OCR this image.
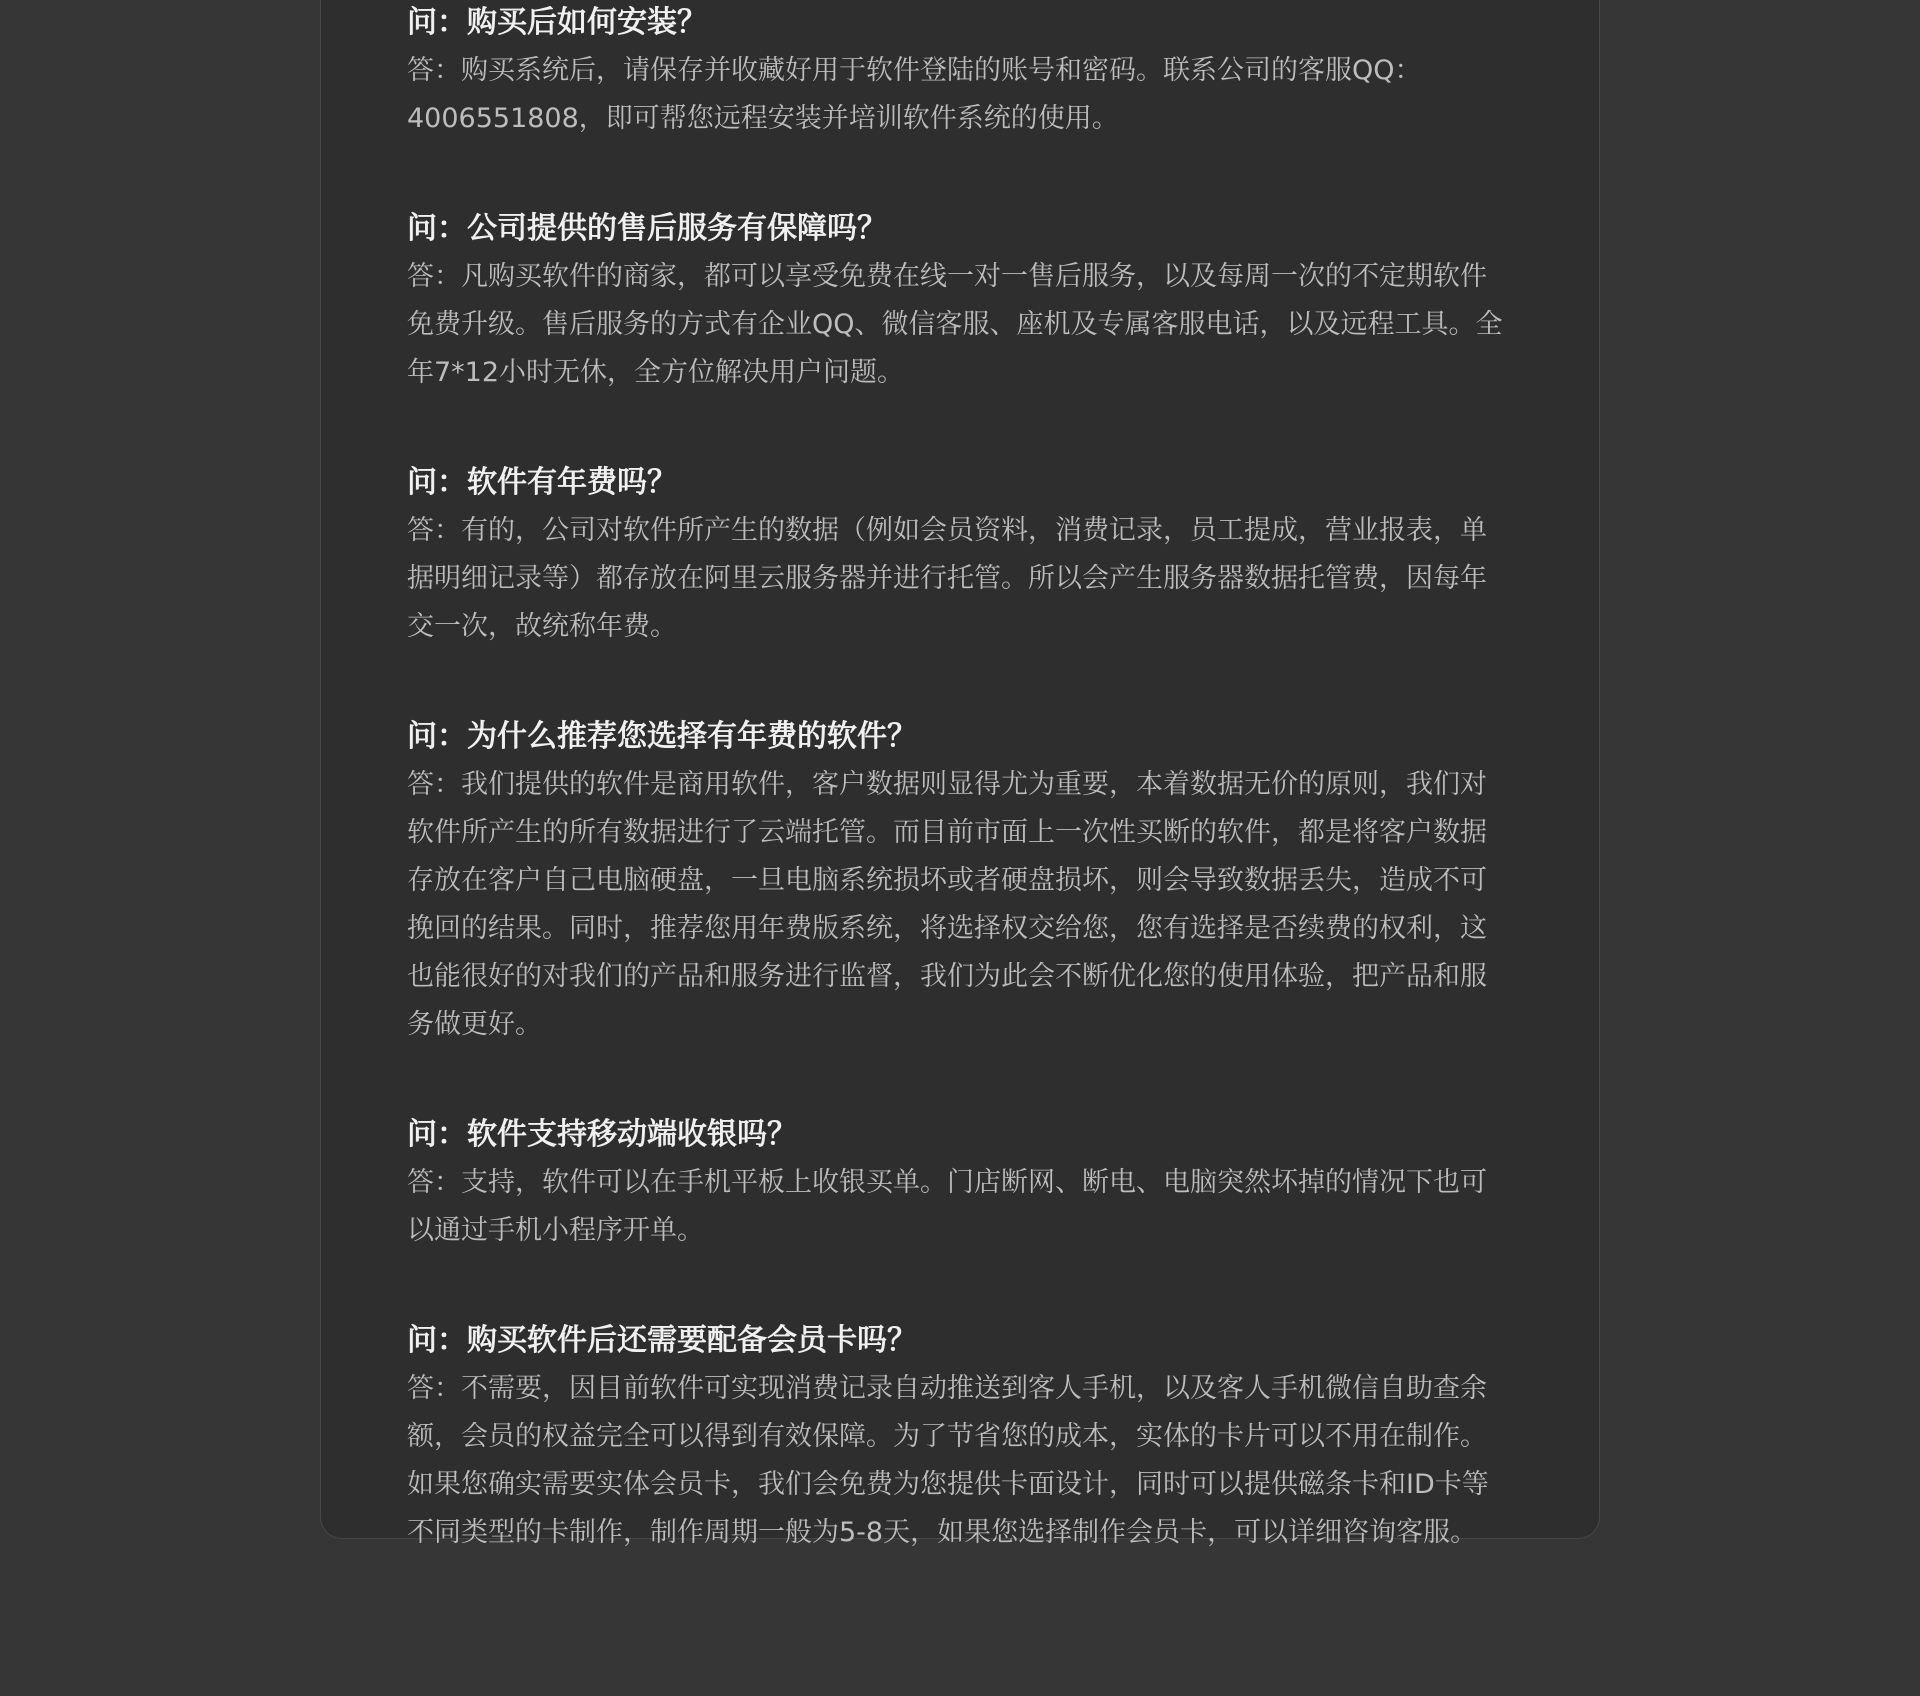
问：购买后如何安装？

答：购买系统后，请保存并收藏好用于软件登陆的账号和密码。联系公司的客服QQ：4006551808，即可帮您远程安装并培训软件系统的使用。

问：公司提供的售后服务有保障吗？

答：凡购买软件的商家，都可以享受免费在线一对一售后服务，以及每周一次的不定期软件免费升级。售后服务的方式有企业QQ、微信客服、座机及专属客服电话，以及远程工具。全年7*12小时无休，全方位解决用户问题。

问：软件有年费吗？

答：有的，公司对软件所产生的数据（例如会员资料，消费记录，员工提成，营业报表，单据明细记录等）都存放在阿里云服务器并进行托管。所以会产生服务器数据托管费，因每年交一次，故统称年费。

问：为什么推荐您选择有年费的软件？

答：我们提供的软件是商用软件，客户数据则显得尤为重要，本着数据无价的原则，我们对软件所产生的所有数据进行了云端托管。而目前市面上一次性买断的软件，都是将客户数据存放在客户自己电脑硬盘，一旦电脑系统损坏或者硬盘损坏，则会导致数据丢失，造成不可挽回的结果。同时，推荐您用年费版系统，将选择权交给您，您有选择是否续费的权利，这也能很好的对我们的产品和服务进行监督，我们为此会不断优化您的使用体验，把产品和服务做更好。

问：软件支持移动端收银吗？

答：支持，软件可以在手机平板上收银买单。门店断网、断电、电脑突然坏掉的情况下也可以通过手机小程序开单。

问：购买软件后还需要配备会员卡吗？

答：不需要，因目前软件可实现消费记录自动推送到客人手机，以及客人手机微信自助查余额，会员的权益完全可以得到有效保障。为了节省您的成本，实体的卡片可以不用在制作。如果您确实需要实体会员卡，我们会免费为您提供卡面设计，同时可以提供磁条卡和ID卡等不同类型的卡制作，制作周期一般为5-8天，如果您选择制作会员卡，可以详细咨询客服。
